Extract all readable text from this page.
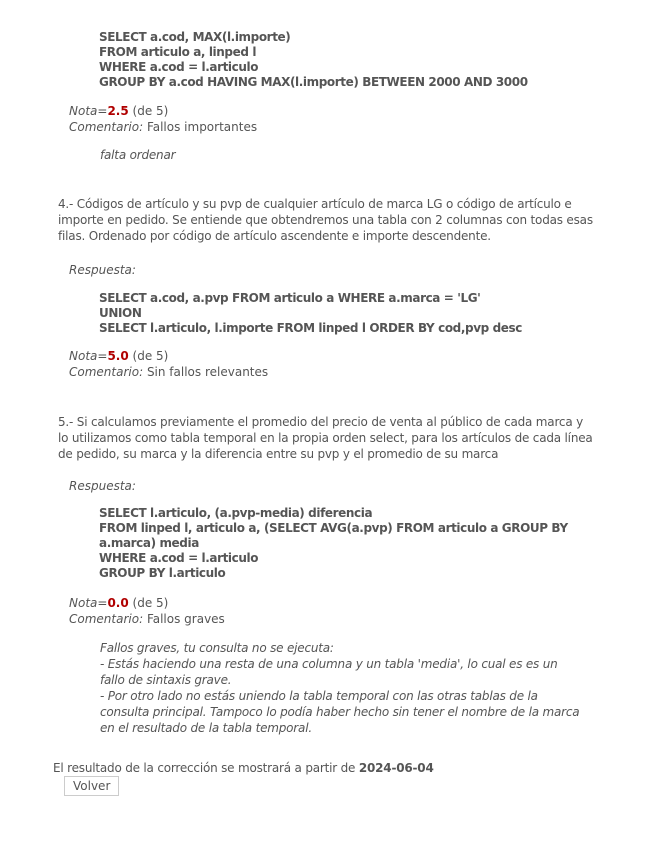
SELECT a.cod, MAX(l.importe)
FROM articulo a, linped l
WHERE a.cod = l.articulo
GROUP BY a.cod HAVING MAX(l.importe) BETWEEN 2000 AND 3000
Nota=2.5 (de 5)
Comentario: Fallos importantes
falta ordenar
4.- Códigos de artículo y su pvp de cualquier artículo de marca LG o código de artículo e importe en pedido. Se entiende que obtendremos una tabla con 2 columnas con todas esas filas. Ordenado por código de artículo ascendente e importe descendente.
Respuesta:
SELECT a.cod, a.pvp FROM articulo a WHERE a.marca = 'LG'
UNION
SELECT l.articulo, l.importe FROM linped l ORDER BY cod,pvp desc
Nota=5.0 (de 5)
Comentario: Sin fallos relevantes
5.- Si calculamos previamente el promedio del precio de venta al público de cada marca y lo utilizamos como tabla temporal en la propia orden select, para los artículos de cada línea de pedido, su marca y la diferencia entre su pvp y el promedio de su marca
Respuesta:
SELECT l.articulo, (a.pvp-media) diferencia
FROM linped l, articulo a, (SELECT AVG(a.pvp) FROM articulo a GROUP BY a.marca) media
WHERE a.cod = l.articulo
GROUP BY l.articulo
Nota=0.0 (de 5)
Comentario: Fallos graves
Fallos graves, tu consulta no se ejecuta:
- Estás haciendo una resta de una columna y un tabla 'media', lo cual es es un fallo de sintaxis grave.
- Por otro lado no estás uniendo la tabla temporal con las otras tablas de la consulta principal. Tampoco lo podía haber hecho sin tener el nombre de la marca en el resultado de la tabla temporal.
El resultado de la corrección se mostrará a partir de 2024-06-04
Volver
